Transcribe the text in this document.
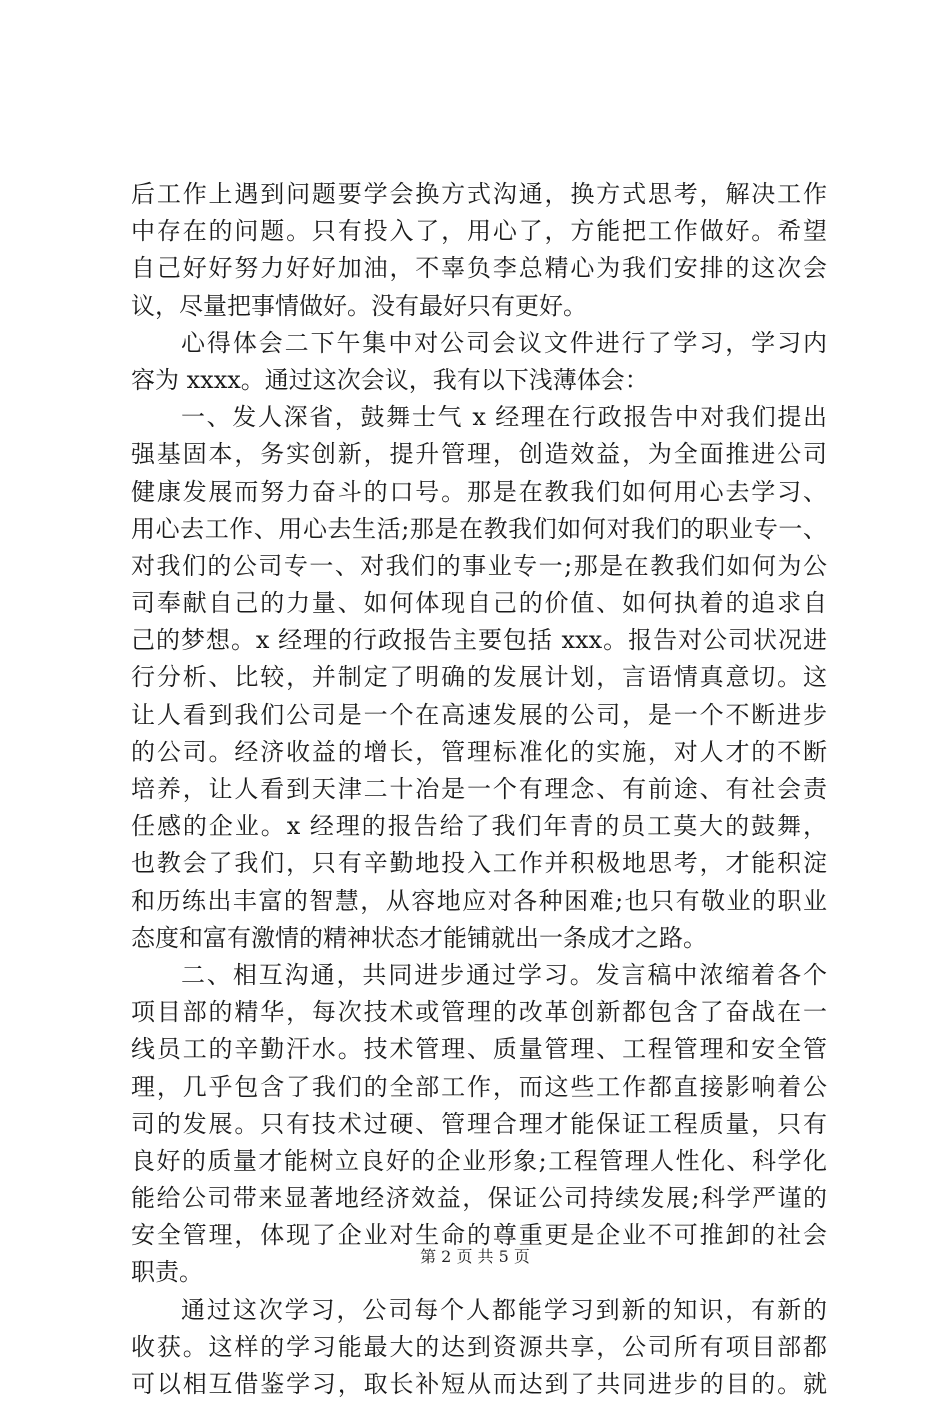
后工作上遇到问题要学会换方式沟通，换方式思考，解决工作
中存在的问题。只有投入了，用心了，方能把工作做好。希望
自己好好努力好好加油，不辜负李总精心为我们安排的这次会
议，尽量把事情做好。没有最好只有更好。
心得体会二下午集中对公司会议文件进行了学习，学习内
容为 xxxx。通过这次会议，我有以下浅薄体会：
一、发人深省，鼓舞士气 x 经理在行政报告中对我们提出
强基固本，务实创新，提升管理，创造效益，为全面推进公司
健康发展而努力奋斗的口号。那是在教我们如何用心去学习、
用心去工作、用心去生活;那是在教我们如何对我们的职业专一、
对我们的公司专一、对我们的事业专一;那是在教我们如何为公
司奉献自己的力量、如何体现自己的价值、如何执着的追求自
己的梦想。x 经理的行政报告主要包括 xxx。报告对公司状况进
行分析、比较，并制定了明确的发展计划，言语情真意切。这
让人看到我们公司是一个在高速发展的公司，是一个不断进步
的公司。经济收益的增长，管理标准化的实施，对人才的不断
培养，让人看到天津二十冶是一个有理念、有前途、有社会责
任感的企业。x 经理的报告给了我们年青的员工莫大的鼓舞，
也教会了我们，只有辛勤地投入工作并积极地思考，才能积淀
和历练出丰富的智慧，从容地应对各种困难;也只有敬业的职业
态度和富有激情的精神状态才能铺就出一条成才之路。
二、相互沟通，共同进步通过学习。发言稿中浓缩着各个
项目部的精华，每次技术或管理的改革创新都包含了奋战在一
线员工的辛勤汗水。技术管理、质量管理、工程管理和安全管
理，几乎包含了我们的全部工作，而这些工作都直接影响着公
司的发展。只有技术过硬、管理合理才能保证工程质量，只有
良好的质量才能树立良好的企业形象;工程管理人性化、科学化
能给公司带来显著地经济效益，保证公司持续发展;科学严谨的
安全管理，体现了企业对生命的尊重更是企业不可推卸的社会
职责。
通过这次学习，公司每个人都能学习到新的知识，有新的
收获。这样的学习能最大的达到资源共享，公司所有项目部都
可以相互借鉴学习，取长补短从而达到了共同进步的目的。就
第 2 页 共 5 页
